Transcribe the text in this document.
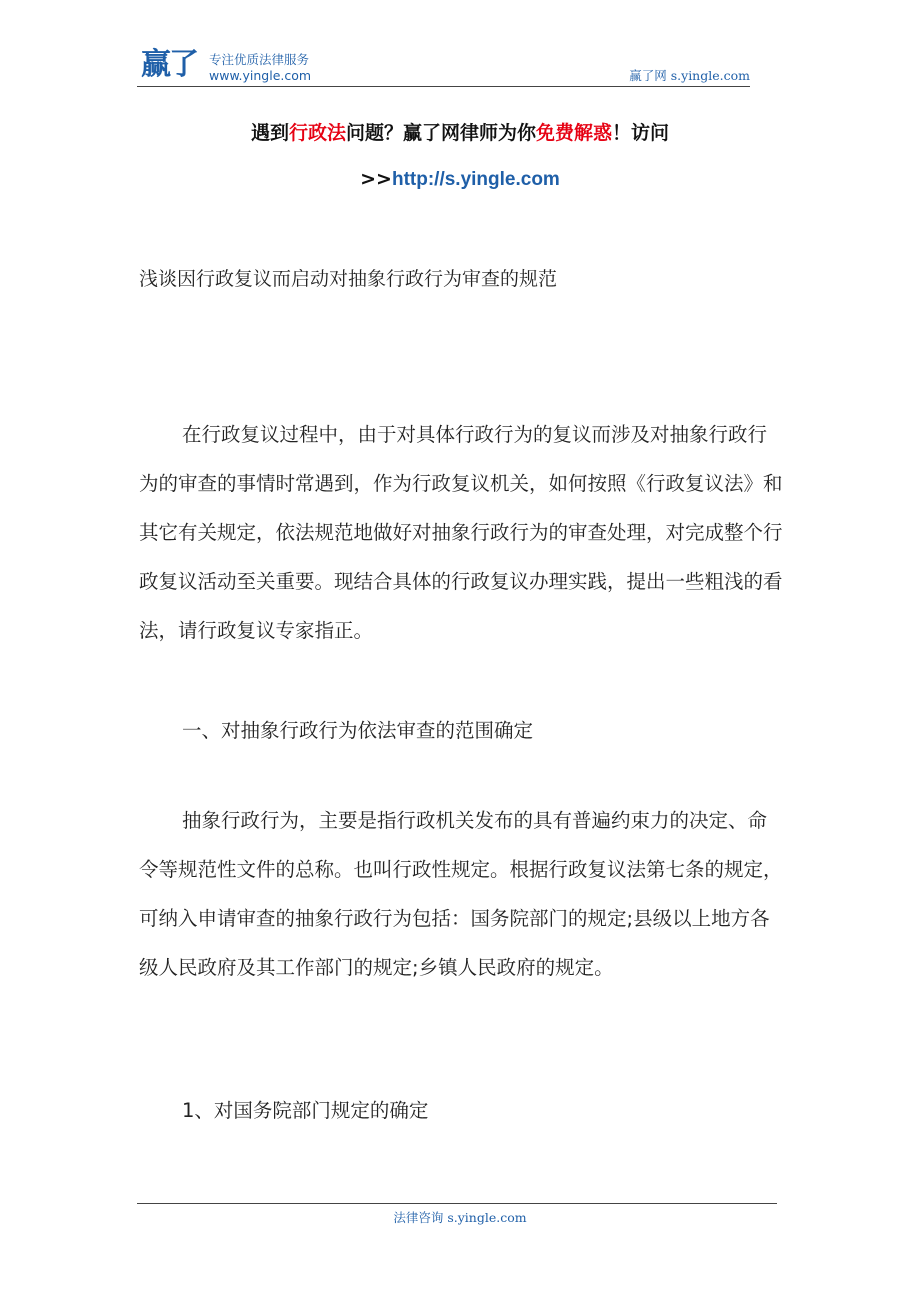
赢了 专注优质法律服务
www.yingle.com	赢了网 s.yingle.com
遇到行政法问题？赢了网律师为你免费解惑！访问
>>http://s.yingle.com
浅谈因行政复议而启动对抽象行政行为审查的规范
在行政复议过程中，由于对具体行政行为的复议而涉及对抽象行政行为的审查的事情时常遇到，作为行政复议机关，如何按照《行政复议法》和其它有关规定，依法规范地做好对抽象行政行为的审查处理，对完成整个行政复议活动至关重要。现结合具体的行政复议办理实践，提出一些粗浅的看法，请行政复议专家指正。
一、对抽象行政行为依法审查的范围确定
抽象行政行为，主要是指行政机关发布的具有普遍约束力的决定、命令等规范性文件的总称。也叫行政性规定。根据行政复议法第七条的规定，可纳入申请审查的抽象行政行为包括：国务院部门的规定;县级以上地方各级人民政府及其工作部门的规定;乡镇人民政府的规定。
1、对国务院部门规定的确定
法律咨询 s.yingle.com
